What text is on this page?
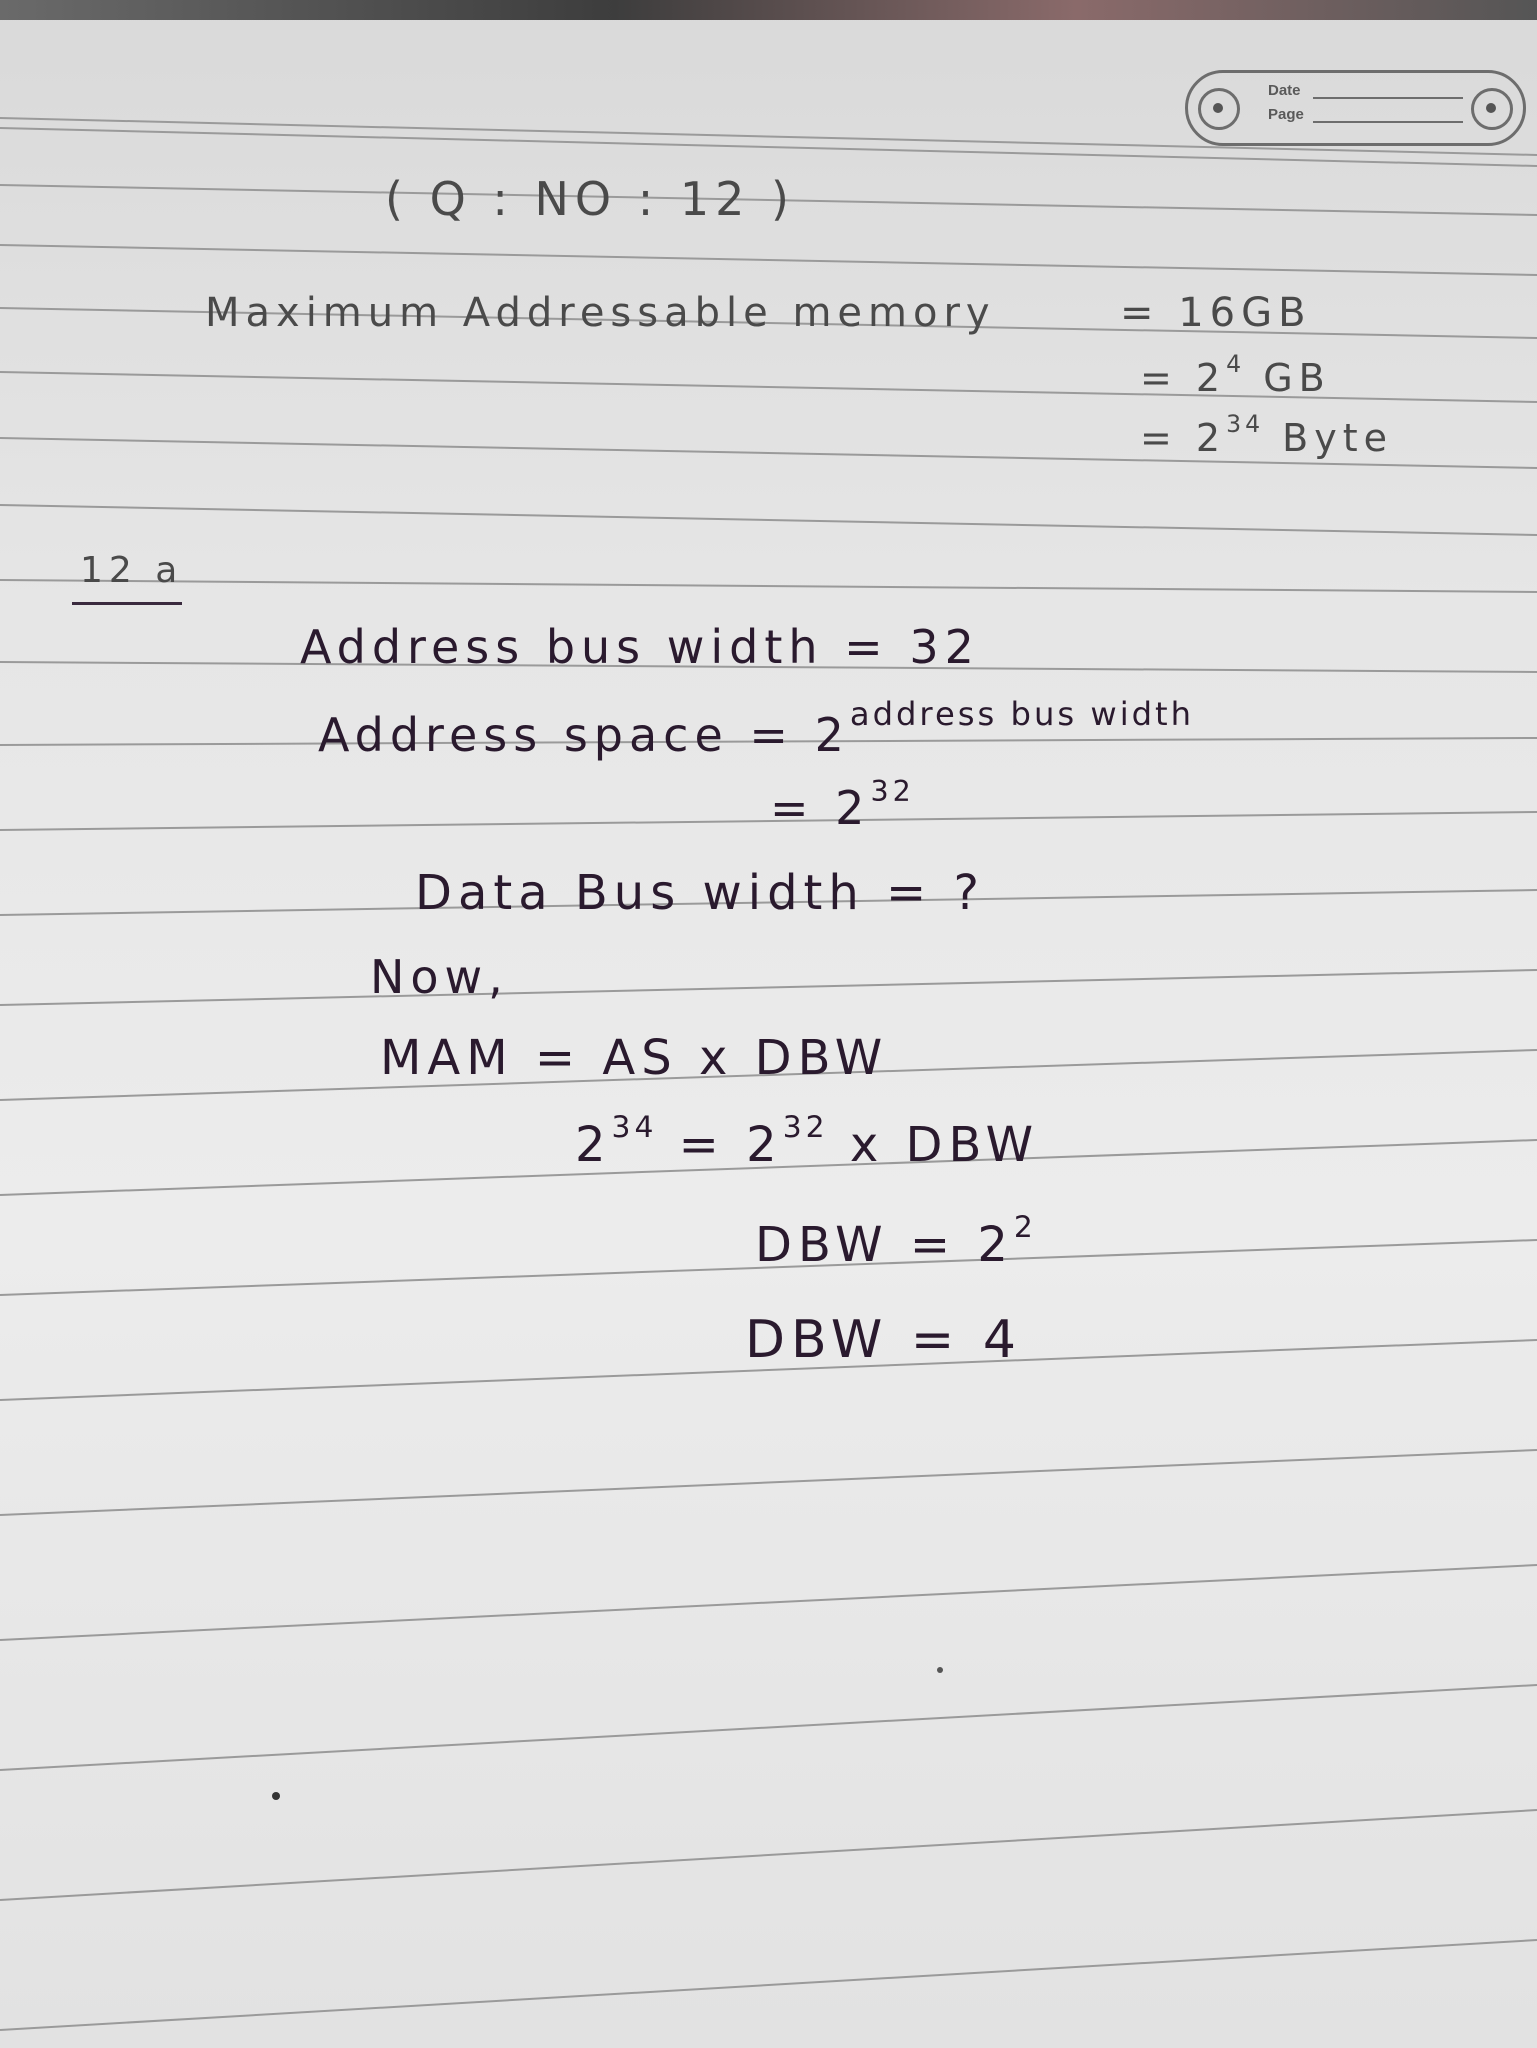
Date
Page
( Q : NO : 12 )
Maximum Addressable memory	= 16GB
= $2^4$ GB
= $2^{34}$ Byte
12 a
Address bus width = 32
Address space = $2^{address bus width}$
= $2^{32}$
Data Bus width = ?
Now,
MAM = AS x DBW
$2^{34} = 2^{32}$ x DBW
DBW = $2^2$
DBW = 4
